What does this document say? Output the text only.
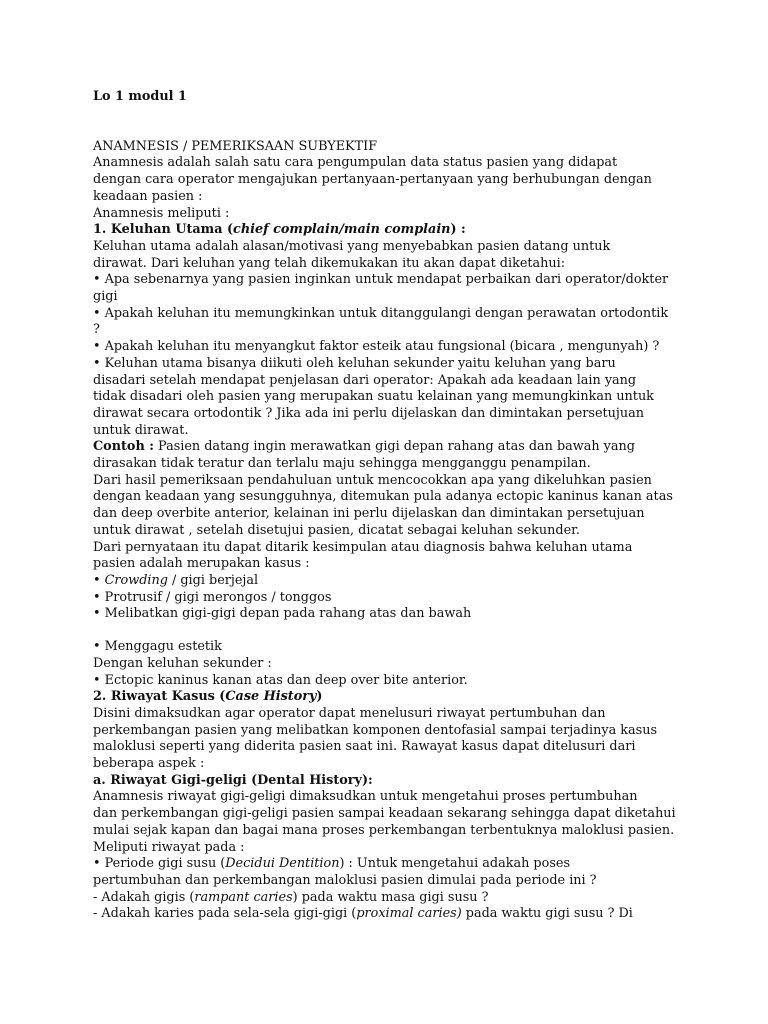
Lo 1 modul 1
ANAMNESIS / PEMERIKSAAN SUBYEKTIF
Anamnesis adalah salah satu cara pengumpulan data status pasien yang didapat
dengan cara operator mengajukan pertanyaan-pertanyaan yang berhubungan dengan
keadaan pasien :
Anamnesis meliputi :
1. Keluhan Utama (chief complain/main complain) :
Keluhan utama adalah alasan/motivasi yang menyebabkan pasien datang untuk
dirawat. Dari keluhan yang telah dikemukakan itu akan dapat diketahui:
• Apa sebenarnya yang pasien inginkan untuk mendapat perbaikan dari operator/dokter
gigi
• Apakah keluhan itu memungkinkan untuk ditanggulangi dengan perawatan ortodontik
?
• Apakah keluhan itu menyangkut faktor esteik atau fungsional (bicara , mengunyah) ?
• Keluhan utama bisanya diikuti oleh keluhan sekunder yaitu keluhan yang baru
disadari setelah mendapat penjelasan dari operator: Apakah ada keadaan lain yang
tidak disadari oleh pasien yang merupakan suatu kelainan yang memungkinkan untuk
dirawat secara ortodontik ? Jika ada ini perlu dijelaskan dan dimintakan persetujuan
untuk dirawat.
Contoh : Pasien datang ingin merawatkan gigi depan rahang atas dan bawah yang
dirasakan tidak teratur dan terlalu maju sehingga mengganggu penampilan.
Dari hasil pemeriksaan pendahuluan untuk mencocokkan apa yang dikeluhkan pasien
dengan keadaan yang sesungguhnya, ditemukan pula adanya ectopic kaninus kanan atas
dan deep overbite anterior, kelainan ini perlu dijelaskan dan dimintakan persetujuan
untuk dirawat , setelah disetujui pasien, dicatat sebagai keluhan sekunder.
Dari pernyataan itu dapat ditarik kesimpulan atau diagnosis bahwa keluhan utama
pasien adalah merupakan kasus :
• Crowding / gigi berjejal
• Protrusif / gigi merongos / tonggos
• Melibatkan gigi-gigi depan pada rahang atas dan bawah
• Menggagu estetik
Dengan keluhan sekunder :
• Ectopic kaninus kanan atas dan deep over bite anterior.
2. Riwayat Kasus (Case History)
Disini dimaksudkan agar operator dapat menelusuri riwayat pertumbuhan dan
perkembangan pasien yang melibatkan komponen dentofasial sampai terjadinya kasus
maloklusi seperti yang diderita pasien saat ini. Rawayat kasus dapat ditelusuri dari
beberapa aspek :
a. Riwayat Gigi-geligi (Dental History):
Anamnesis riwayat gigi-geligi dimaksudkan untuk mengetahui proses pertumbuhan
dan perkembangan gigi-geligi pasien sampai keadaan sekarang sehingga dapat diketahui
mulai sejak kapan dan bagai mana proses perkembangan terbentuknya maloklusi pasien.
Meliputi riwayat pada :
• Periode gigi susu (Decidui Dentition) : Untuk mengetahui adakah poses
pertumbuhan dan perkembangan maloklusi pasien dimulai pada periode ini ?
- Adakah gigis (rampant caries) pada waktu masa gigi susu ?
- Adakah karies pada sela-sela gigi-gigi (proximal caries) pada waktu gigi susu ? Di
